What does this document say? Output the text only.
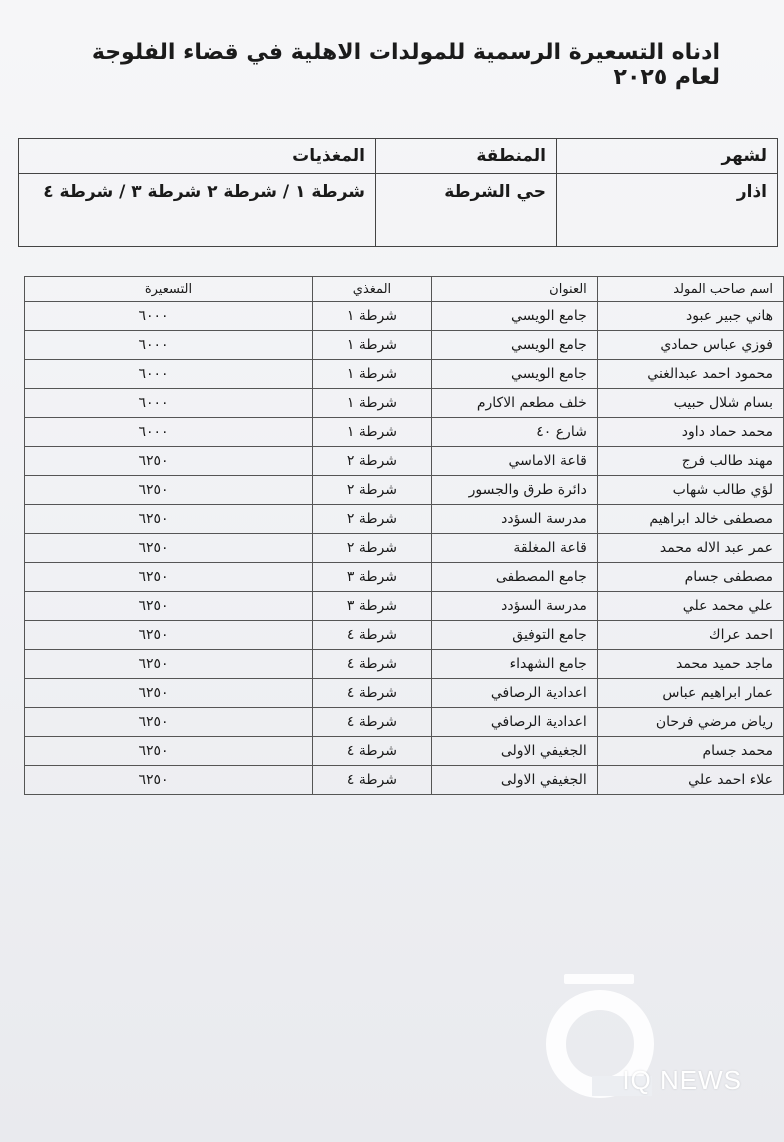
ادناه التسعيرة الرسمية للمولدات الاهلية في قضاء الفلوجة لعام ٢٠٢٥
لشهر	المنطقة	المغذيات
اذار	حي الشرطة	شرطة ١ / شرطة ٢ شرطة ٣ / شرطة ٤
اسم صاحب المولد	العنوان	المغذي	التسعيرة
هاني جبير عبود	جامع الويسي	شرطة ١	٦٠٠٠
فوزي عباس حمادي	جامع الويسي	شرطة ١	٦٠٠٠
محمود احمد عبدالغني	جامع الويسي	شرطة ١	٦٠٠٠
بسام شلال حبيب	خلف مطعم الاكارم	شرطة ١	٦٠٠٠
محمد حماد داود	شارع ٤٠	شرطة ١	٦٠٠٠
مهند طالب فرج	قاعة الاماسي	شرطة ٢	٦٢٥٠
لؤي طالب شهاب	دائرة طرق والجسور	شرطة ٢	٦٢٥٠
مصطفى خالد ابراهيم	مدرسة السؤدد	شرطة ٢	٦٢٥٠
عمر عبد الاله محمد	قاعة المغلقة	شرطة ٢	٦٢٥٠
مصطفى جسام	جامع المصطفى	شرطة ٣	٦٢٥٠
علي محمد علي	مدرسة السؤدد	شرطة ٣	٦٢٥٠
احمد عراك	جامع التوفيق	شرطة ٤	٦٢٥٠
ماجد حميد محمد	جامع الشهداء	شرطة ٤	٦٢٥٠
عمار ابراهيم عباس	اعدادية الرصافي	شرطة ٤	٦٢٥٠
رياض مرضي فرحان	اعدادية الرصافي	شرطة ٤	٦٢٥٠
محمد جسام	الجغيفي الاولى	شرطة ٤	٦٢٥٠
علاء احمد علي	الجغيفي الاولى	شرطة ٤	٦٢٥٠
IQ NEWS
